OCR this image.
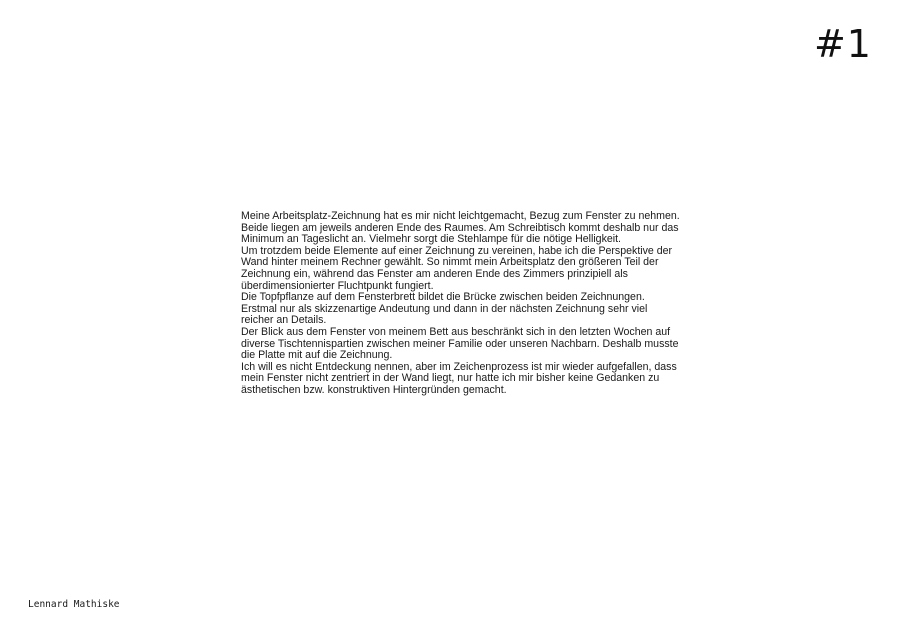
#1

Meine Arbeitsplatz-Zeichnung hat es mir nicht leichtgemacht, Bezug zum Fenster zu nehmen. Beide liegen am jeweils anderen Ende des Raumes. Am Schreibtisch kommt deshalb nur das Minimum an Tageslicht an. Vielmehr sorgt die Stehlampe für die nötige Helligkeit.

Um trotzdem beide Elemente auf einer Zeichnung zu vereinen, habe ich die Perspektive der Wand hinter meinem Rechner gewählt. So nimmt mein Arbeitsplatz den größeren Teil der Zeichnung ein, während das Fenster am anderen Ende des Zimmers prinzipiell als überdimensionierter Fluchtpunkt fungiert.

Die Topfpflanze auf dem Fensterbrett bildet die Brücke zwischen beiden Zeichnungen. Erstmal nur als skizzenartige Andeutung und dann in der nächsten Zeichnung sehr viel reicher an Details.

Der Blick aus dem Fenster von meinem Bett aus beschränkt sich in den letzten Wochen auf diverse Tischtennispartien zwischen meiner Familie oder unseren Nachbarn. Deshalb musste die Platte mit auf die Zeichnung.

Ich will es nicht Entdeckung nennen, aber im Zeichenprozess ist mir wieder aufgefallen, dass mein Fenster nicht zentriert in der Wand liegt, nur hatte ich mir bisher keine Gedanken zu ästhetischen bzw. konstruktiven Hintergründen gemacht.

Lennard Mathiske
